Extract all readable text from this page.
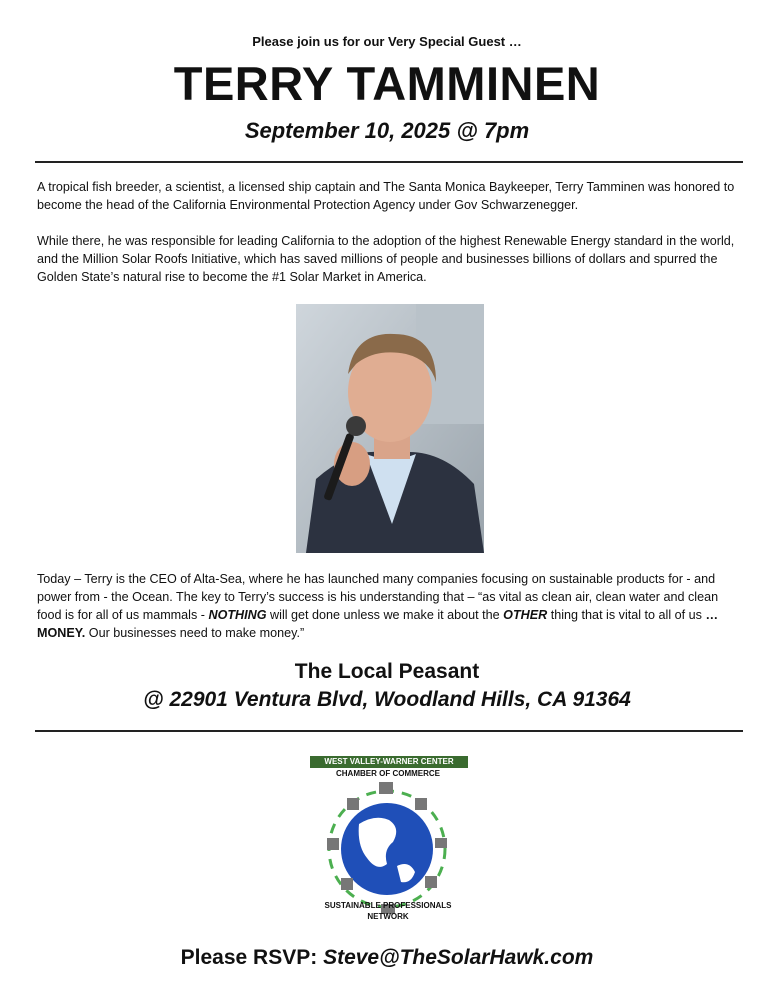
Please join us for our Very Special Guest …
TERRY TAMMINEN
September 10, 2025 @ 7pm
A tropical fish breeder, a scientist, a licensed ship captain and The Santa Monica Baykeeper, Terry Tamminen was honored to become the head of the California Environmental Protection Agency under Gov Schwarzenegger.
While there, he was responsible for leading California to the adoption of the highest Renewable Energy standard in the world, and the Million Solar Roofs Initiative, which has saved millions of people and businesses billions of dollars and spurred the Golden State’s natural rise to become the #1 Solar Market in America.
Today – Terry is the CEO of Alta-Sea, where he has launched many companies focusing on sustainable products for - and power from - the Ocean. The key to Terry’s success is his understanding that – “as vital as clean air, clean water and clean food is for all of us mammals - NOTHING will get done unless we make it about the OTHER thing that is vital to all of us … MONEY. Our businesses need to make money.”
The Local Peasant
@ 22901 Ventura Blvd, Woodland Hills, CA 91364
WEST VALLEY-WARNER CENTER
CHAMBER OF COMMERCE
SUSTAINABLE PROFESSIONALS
NETWORK
Please RSVP: Steve@TheSolarHawk.com
